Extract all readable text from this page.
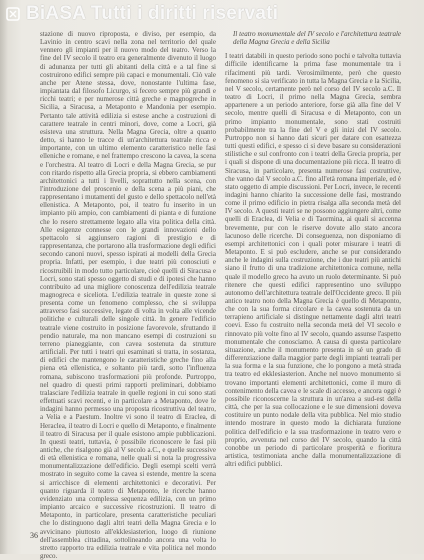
stazione di nuovo riproposta, e diviso, per esempio, da Lavinio in centro scavi nella zona nel territorio del quale vennero gli impianti per il nuovo modo del teatro. Verso la fine del IV secolo il teatro era generalmente divenuto il luogo di adunanza per tutti gli abitanti della città e a tal fine si costruirono edifici sempre più capaci e monumentali. Ciò vale anche per Atene stessa, dove, nonostante l'ultima fase, impiantata dal filosofo Licurgo, si fecero sempre più grandi e ricchi teatri; e per numerose città greche e magnogreche in Sicilia, a Siracusa, a Metaponto e Mandonia per esempio. Pertanto tale attività edilizia si estese anche a costruzioni di carattere teatrale in centri minori, dove, come a Locri, già esisteva una struttura. Nella Magna Grecia, oltre a quanto detto, si hanno le tracce di un'architettura teatrale ricca e importante, con un ultimo elemento caratteristico nelle fasi elleniche e romane, e nel frattempo crescono la cavea, la scena e l'orchestra. Al teatro di Locri e della Magna Grecia, se pur con ritardo rispetto alla Grecia propria, si ebbero cambiamenti architettonici a tutti i livelli, soprattutto nella scena, con l'introduzione del proscenio e della scena a più piani, che rappresentano i mutamenti del gusto e dello spettacolo nell'età ellenistica. A Metaponto, poi, il teatro fu inserito in un impianto più ampio, con cambiamenti di pianta e di funzione che lo resero strettamente legato alla vita politica della città. Alle esigenze connesse con le grandi innovazioni dello spettacolo si aggiunsero ragioni di prestigio e di rappresentanza, che portarono alla trasformazione degli edifici secondo canoni nuovi, spesso ispirati ai modelli della Grecia propria. Infatti, per esempio, i due teatri più conosciuti e ricostruibili in modo tutto particolare, cioè quelli di Siracusa e Locri, sono stati spesso oggetto di studi e di ipotesi che hanno contribuito ad una migliore conoscenza dell'edilizia teatrale magnogreca e siceliota. L'edilizia teatrale in queste zone si presenta come un fenomeno complesso, che si sviluppa attraverso fasi successive, legate di volta in volta alle vicende politiche e culturali delle singole città. In genere l'edificio teatrale viene costruito in posizione favorevole, sfruttando il pendio naturale, ma non mancano esempi di costruzioni su terreno pianeggiante, con cavea sostenuta da strutture artificiali. Per tutti i teatri qui esaminati si tratta, in sostanza, di edifici che mantengono le caratteristiche greche fino alla piena età ellenistica, e soltanto più tardi, sotto l'influenza romana, subiscono trasformazioni più profonde. Purtroppo, nel quadro di questi primi rapporti preliminari, dobbiamo tralasciare l'edilizia teatrale in quelle regioni in cui sono stati effettuati scavi recenti, e in particolare a Metaponto, dove le indagini hanno permesso una proposta ricostruttiva del teatro, a Velia e a Paestum. Inoltre vi sono il teatro di Eraclea, di Heraclea, il teatro di Locri e quello di Metaponto, e finalmente il teatro di Siracusa per il quale esistono ampie pubblicazioni. In questi teatri, tuttavia, è possibile riconoscere le fasi più antiche, che risalgono già al V secolo a.C., e quelle successive di età ellenistica e romana, nelle quali si nota la progressiva monumentalizzazione dell'edificio. Degli esempi scelti verrà mostrato in seguito come la cavea si estende, mentre la scena si arricchisce di elementi architettonici e decorativi. Per quanto riguarda il teatro di Metaponto, le ricerche hanno evidenziato una complessa sequenza edilizia, con un primo impianto arcaico e successive ricostruzioni. Il teatro di Metaponto, in particolare, presenta caratteristiche peculiari che lo distinguono dagli altri teatri della Magna Grecia e lo avvicinano piuttosto all'ekklesiasterion, luogo di riunione dell'assemblea cittadina, sottolineando ancora una volta lo stretto rapporto tra edilizia teatrale e vita politica nel mondo greco.

Il teatro monumentale del IV secolo e l'architettura teatrale della Magna Grecia e della Sicilia

I teatri databili in questo periodo sono pochi e talvolta tuttavia difficile identificarne la prima fase monumentale tra i rifacimenti più tardi. Verosimilmente, però che questo fenomeno si sia verificato in tutta la Magna Grecia e la Sicilia, nel V secolo, certamente però nel corso del IV secolo a.C. Il teatro di Locri, il primo nella Magna Grecia, sembra appartenere a un periodo anteriore, forse già alla fine del V secolo, mentre quelli di Siracusa e di Metaponto, con un primo impianto monumentale, sono stati costruiti probabilmente tra la fine del V e gli inizi del IV secolo. Purtroppo non si hanno dati sicuri per datare con esattezza tutti questi edifici, e spesso ci si deve basare su considerazioni stilistiche e sul confronto con i teatri della Grecia propria, per i quali si dispone di una documentazione più ricca. Il teatro di Siracusa, in particolare, presenta numerose fasi costruttive, che vanno dal V secolo a.C. fino all'età romana imperiale, ed è stato oggetto di ampie discussioni. Per Locri, invece, le recenti indagini hanno chiarito la successione delle fasi, mostrando come il primo edificio in pietra risalga alla seconda metà del IV secolo. A questi teatri se ne possono aggiungere altri, come quelli di Eraclea, di Velia e di Taormina, ai quali si accenna brevemente, pur con le riserve dovute allo stato ancora lacunoso delle ricerche. Di conseguenza, non disponiamo di esempi architettonici con i quali poter misurare i teatri di Metaponto. E si può escludere, anche se pur considerando anche le indagini sulla costruzione, che i due teatri più antichi siano il frutto di una tradizione architettonica comune, nella quale il modello greco ha avuto un ruolo determinante. Si può ritenere che questi edifici rappresentino uno sviluppo autonomo dell'architettura teatrale dell'Occidente greco. Il più antico teatro noto della Magna Grecia è quello di Metaponto, che con la sua forma circolare e la cavea sostenuta da un terrapieno artificiale si distingue nettamente dagli altri teatri coevi. Esso fu costruito nella seconda metà del VI secolo e rinnovato più volte fino al IV secolo, quando assunse l'aspetto monumentale che conosciamo. A causa di questa particolare situazione, anche il monumento presenta in sé un grado di differenziazione dalla maggior parte degli impianti teatrali per la sua forma e la sua funzione, che lo pongono a metà strada tra teatro ed ekklesiasterion. Anche nel nuovo monumento si trovano importanti elementi architettonici, come il muro di contenimento della cavea e le scale di accesso, e ancora oggi è possibile riconoscerne la struttura in un'area a sud-est della città, che per la sua collocazione e le sue dimensioni doveva costituire un punto nodale della vita pubblica. Nel mio studio intendo mostrare in questo modo la dichiarata funzione politica dell'edificio e la sua trasformazione in teatro vero e proprio, avvenuta nel corso del IV secolo, quando la città conobbe un periodo di particolare prosperità e fioritura artistica, testimoniata anche dalla monumentalizzazione di altri edifici pubblici.

36
BiASA Tutti i diritti riservati
